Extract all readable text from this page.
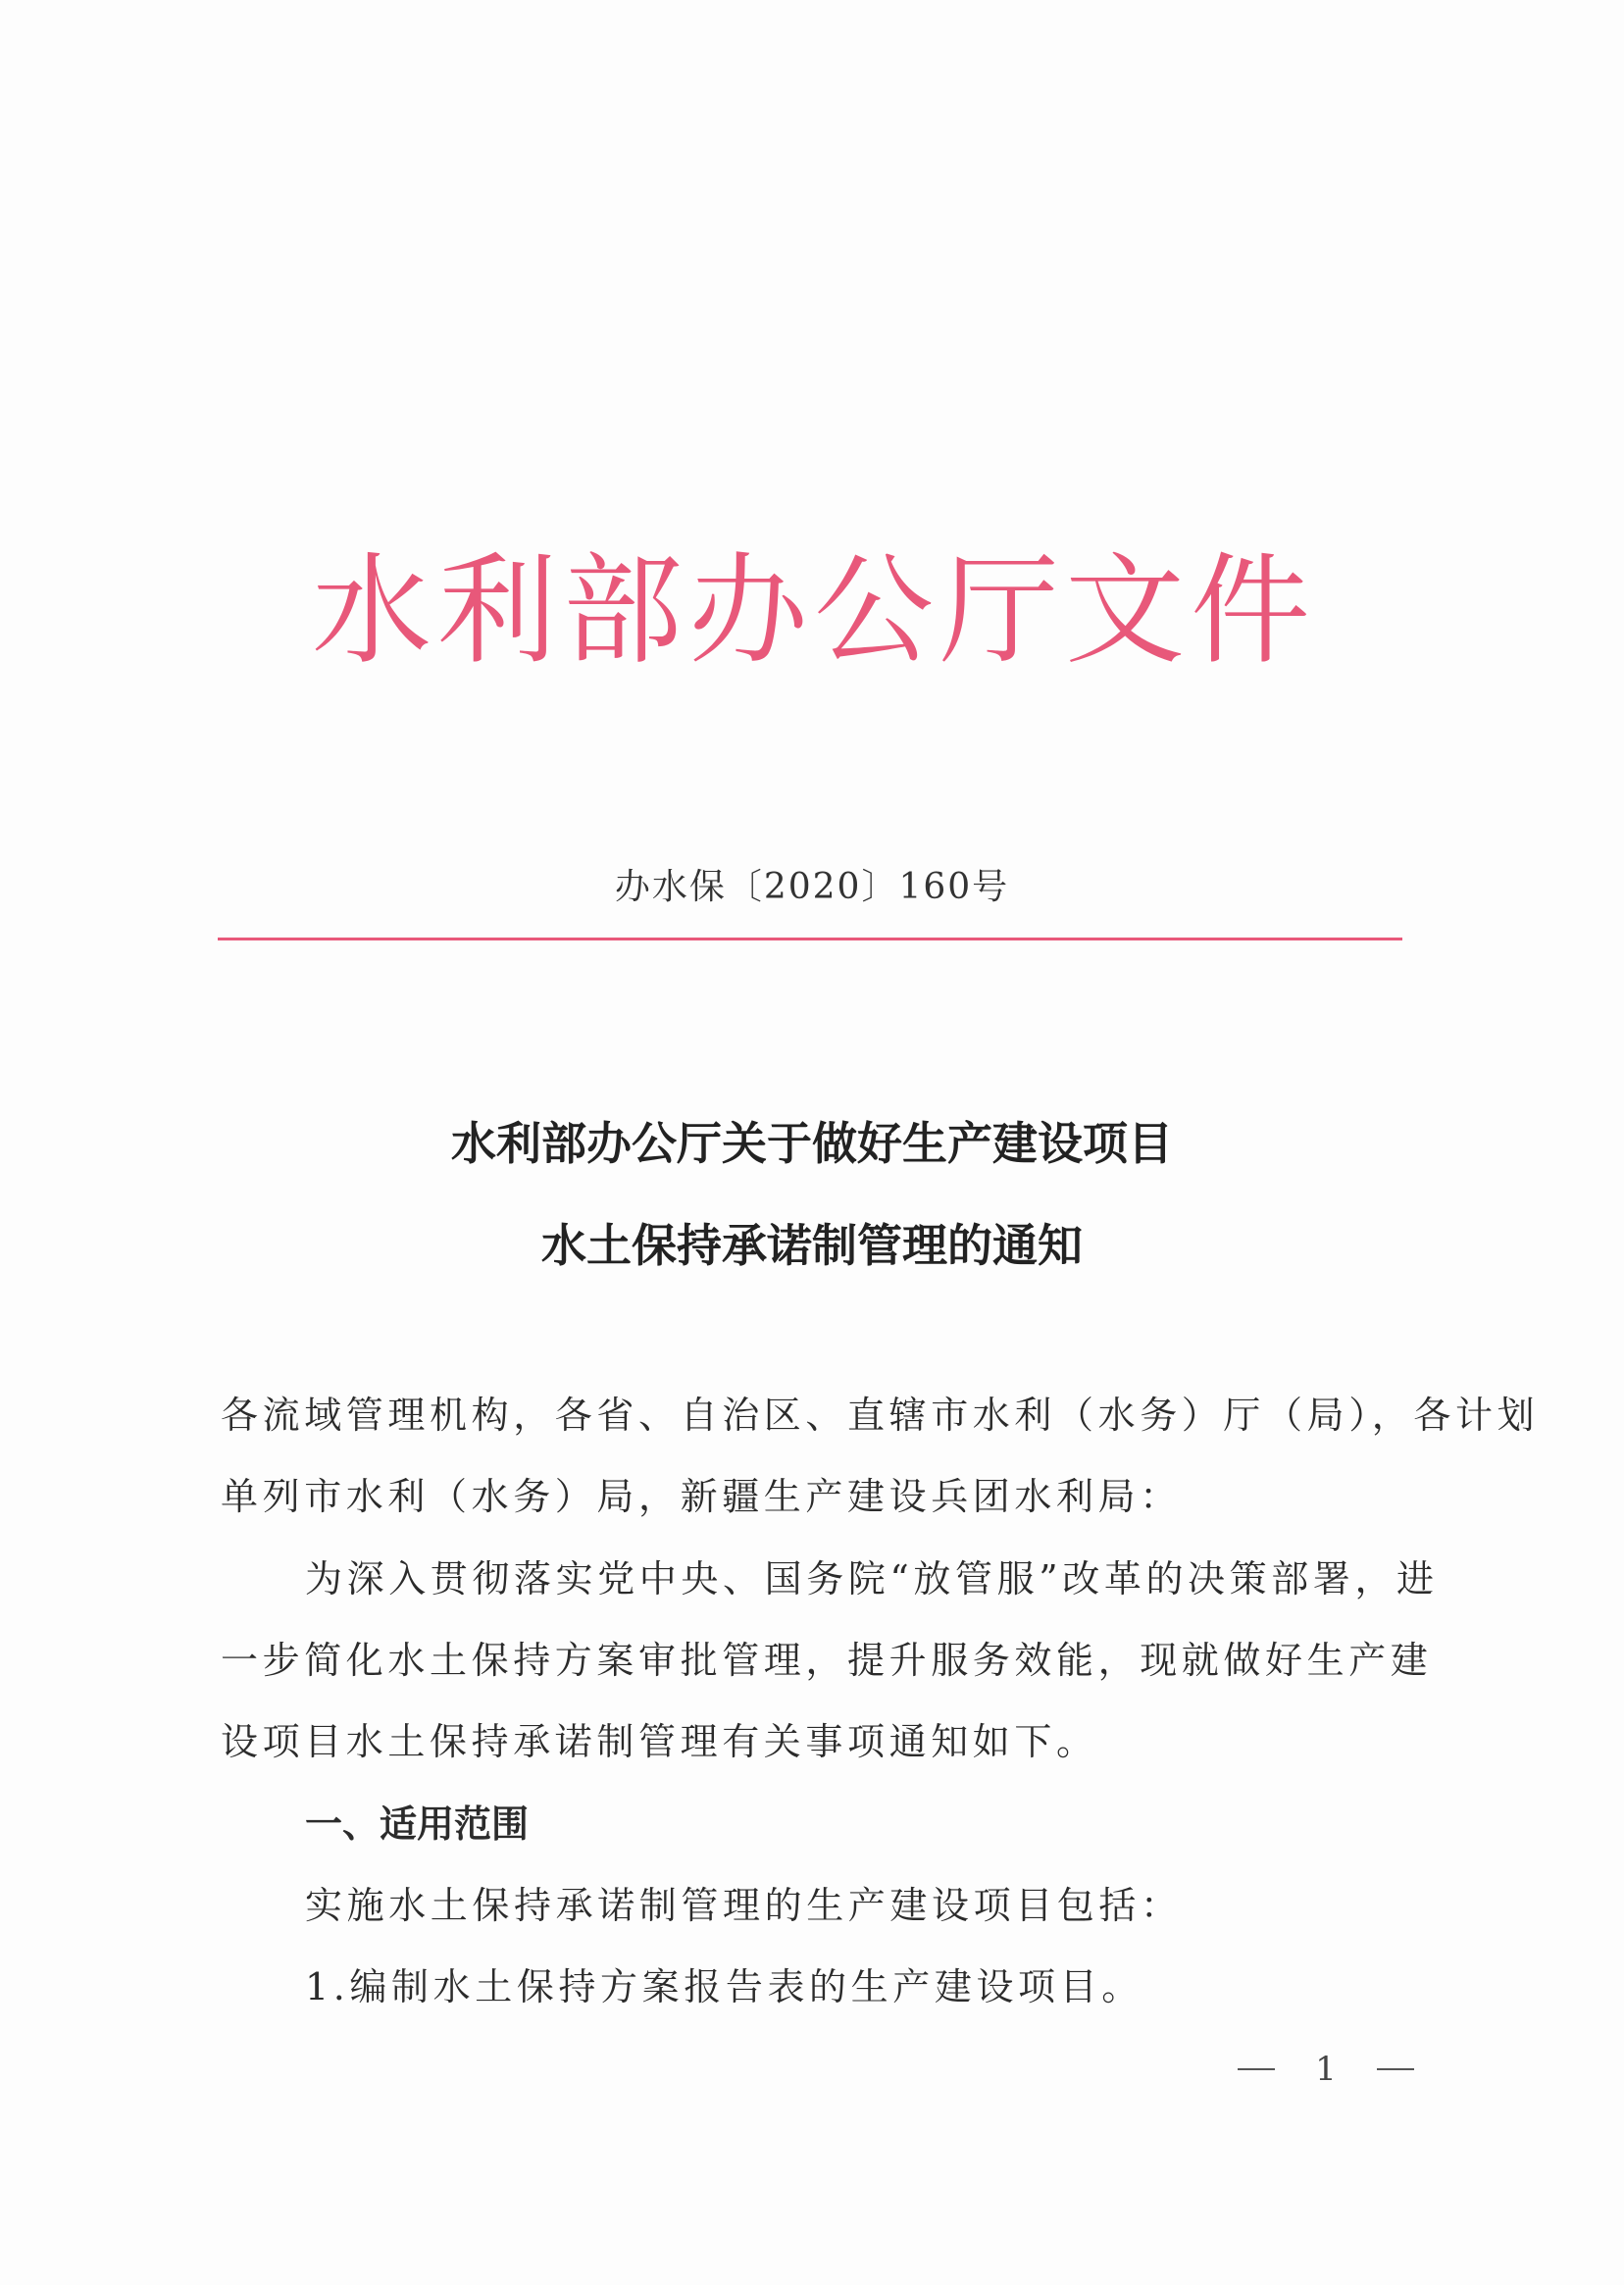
水利部办公厅文件
办水保〔2020〕160号
水利部办公厅关于做好生产建设项目
水土保持承诺制管理的通知
各流域管理机构，各省、自治区、直辖市水利（水务）厅（局），各计划
单列市水利（水务）局，新疆生产建设兵团水利局：
为深入贯彻落实党中央、国务院“放管服”改革的决策部署，进
一步简化水土保持方案审批管理，提升服务效能，现就做好生产建
设项目水土保持承诺制管理有关事项通知如下。
一、适用范围
实施水土保持承诺制管理的生产建设项目包括：
1.编制水土保持方案报告表的生产建设项目。
1
